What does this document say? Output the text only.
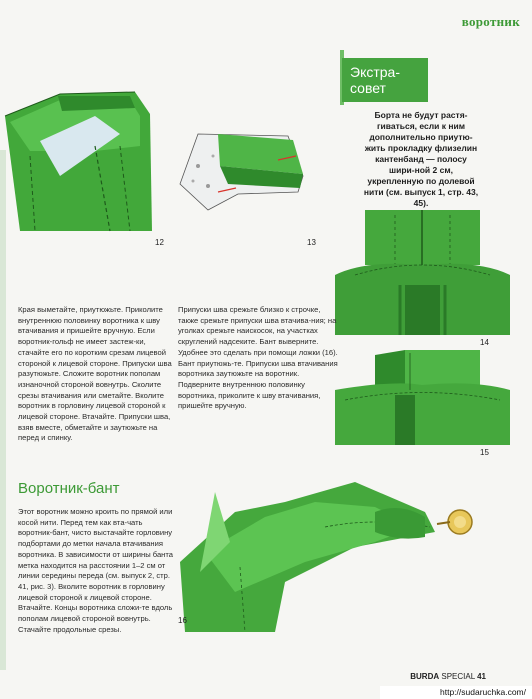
воротник
12	13
Экстра-
совет
Борта не будут растя-гиваться, если к ним дополнительно приутю-жить прокладку флизелин кантенбанд — полосу шири-ной 2 см, укрепленную по долевой нити (см. выпуск 1, стр. 43, 45).
14
15
Края выметайте, приутюжьте. Приколите внутреннюю половинку воротника к шву втачивания и пришейте вручную. Если воротник-гольф не имеет застеж-ки, стачайте его по коротким срезам лицевой стороной к лицевой стороне. Припуски шва разутюжьте. Сложите воротник пополам изнаночной стороной вовнутрь. Сколите срезы втачивания или сметайте. Вколите воротник в горловину лицевой стороной к лицевой стороне. Втачайте. Припуски шва, взяв вместе, обметайте и заутюжьте на перед и спинку.
Припуски шва срежьте близко к строчке, также срежьте припуски шва втачива-ния; на уголках срежьте наискосок, на участках скруглений надсеките. Бант выверните. Удобнее это сделать при помощи ложки (16). Бант приутюжь-те. Припуски шва втачивания воротника заутюжьте на воротник. Подверните внутреннюю половинку воротника, приколите к шву втачивания, пришейте вручную.
Воротник-бант
Этот воротник можно кроить по прямой или косой нити. Перед тем как вта-чать воротник-бант, чисто выстачайте горловину подбортами до метки начала втачивания воротника. В зависимости от ширины банта метка находится на расстоянии 1–2 см от линии середины переда (см. выпуск 2, стр. 41, рис. 3). Вколите воротник в горловину лицевой стороной к лицевой стороне. Втачайте. Концы воротника сложи-те вдоль пополам лицевой стороной вовнутрь. Стачайте продольные срезы.
16
BURDA SPECIAL 41
http://sudaruchka.com/
